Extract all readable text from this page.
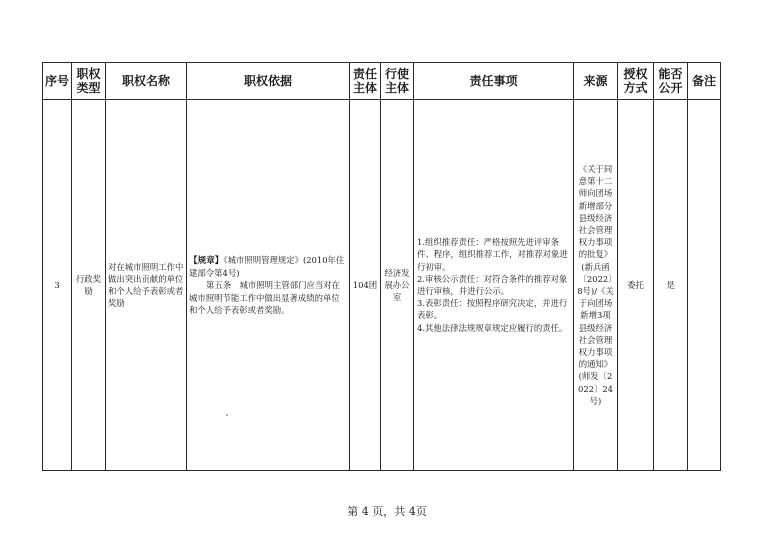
序号	职权类型	职权名称	职权依据	责任主体	行使主体	责任事项	来源	授权方式	能否公开	备注
3	行政奖励	对在城市照明工作中做出突出贡献的单位和个人给予表彰或者奖励	【规章】《城市照明管理规定》(2010年住建部令第4号)
第五条　城市照明主管部门应当对在城市照明节能工作中做出显著成绩的单位和个人给予表彰或者奖励。	104团	经济发展办公室	1.组织推荐责任：严格按照先进评审条件、程序，组织推荐工作，对推荐对象进行初审。
2.审核公示责任：对符合条件的推荐对象进行审核，并进行公示。
3.表彰责任：按照程序研究决定，并进行表彰。
4.其他法律法规规章规定应履行的责任。	《关于同意第十二师向团场新增部分县级经济社会管理权力事项的批复》(新兵函〔2022〕8号)/《关于向团场新增3项县级经济社会管理权力事项的通知》(师发〔2022〕24号)	委托	是	
第 4 页，共 4页
